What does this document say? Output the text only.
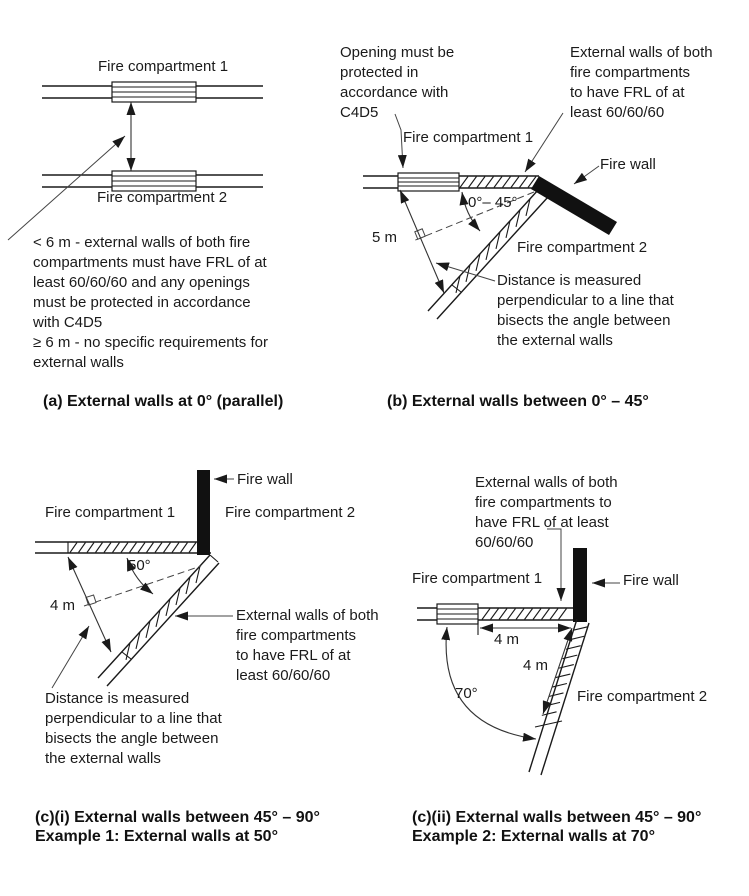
Fire compartment 1
Fire compartment 2
< 6 m - external walls of both fire
compartments must have FRL of at
least 60/60/60 and any openings
must be protected in accordance
with C4D5
≥ 6 m - no specific requirements for
external walls
(a) External walls at 0° (parallel)
Opening must be
protected in
accordance with
C4D5
External walls of both
fire compartments
to have FRL of at
least 60/60/60
Fire compartment 1
Fire wall
0°– 45°
5 m
Fire compartment 2
Distance is measured
perpendicular to a line that
bisects the angle between
the external walls
(b) External walls between 0° – 45°
Fire wall
Fire compartment 1	Fire compartment 2
50°
4 m
External walls of both
fire compartments
to have FRL of at
least 60/60/60
Distance is measured
perpendicular to a line that
bisects the angle between
the external walls
(c)(i) External walls between 45° – 90°
Example 1: External walls at 50°
External walls of both
fire compartments to
have FRL of at least
60/60/60
Fire compartment 1	Fire wall
4 m
4 m
70°	Fire compartment 2
(c)(ii) External walls between 45° – 90°
Example 2: External walls at 70°
